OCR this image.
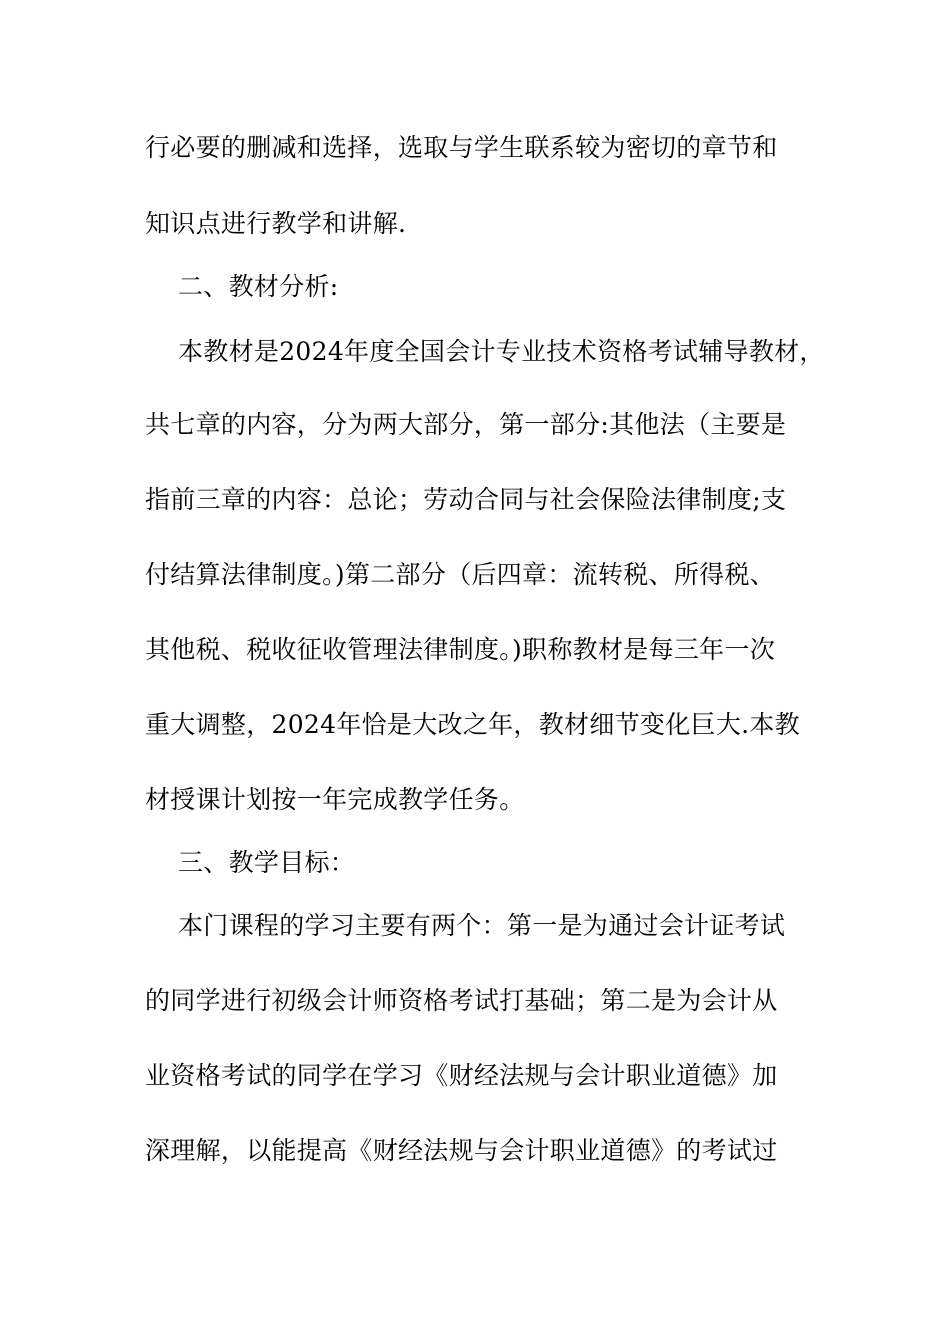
行必要的删减和选择，选取与学生联系较为密切的章节和
知识点进行教学和讲解.
二、教材分析:
本教材是2024年度全国会计专业技术资格考试辅导教材，
共七章的内容，分为两大部分，第一部分:其他法（主要是
指前三章的内容：总论；劳动合同与社会保险法律制度;支
付结算法律制度。)第二部分（后四章：流转税、所得税、
其他税、税收征收管理法律制度。)职称教材是每三年一次
重大调整，2024年恰是大改之年，教材细节变化巨大.本教
材授课计划按一年完成教学任务。
三、教学目标：
本门课程的学习主要有两个：第一是为通过会计证考试
的同学进行初级会计师资格考试打基础；第二是为会计从
业资格考试的同学在学习《财经法规与会计职业道德》加
深理解，以能提高《财经法规与会计职业道德》的考试过
